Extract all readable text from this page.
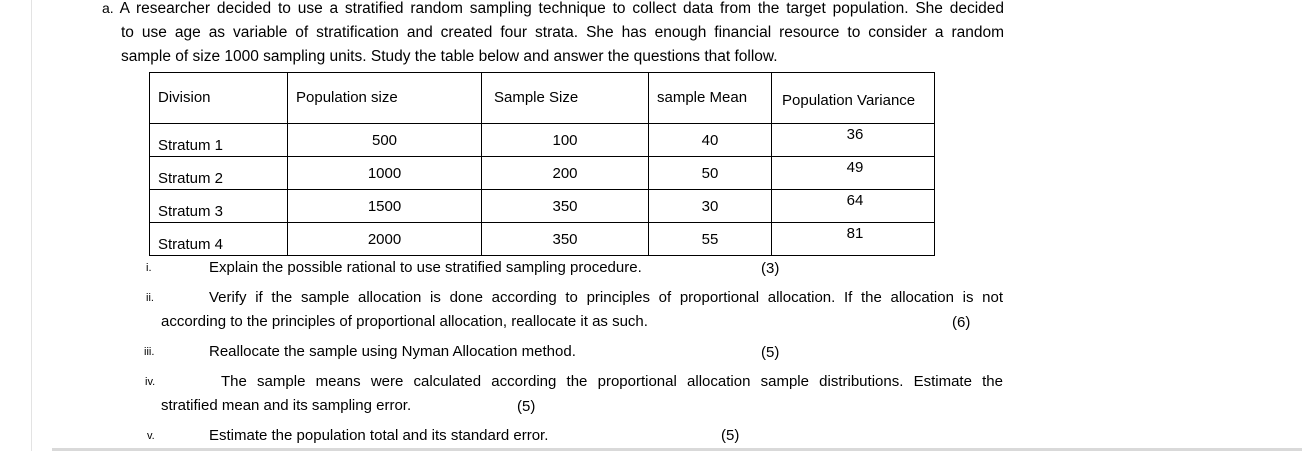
a. A researcher decided to use a stratified random sampling technique to collect data from the target population. She decided
to use age as variable of stratification and created four strata. She has enough financial resource to consider a random
sample of size 1000 sampling units. Study the table below and answer the questions that follow.
Division	Population size	Sample Size	sample Mean	Population Variance

Stratum 1	500	100	40	36

Stratum 2	1000	200	50	49

Stratum 3	1500	350	30	64

Stratum 4	2000	350	55	81
i.	Explain the possible rational to use stratified sampling procedure.	(3)
ii.	Verify if the sample allocation is done according to principles of proportional allocation. If the allocation is not
according to the principles of proportional allocation, reallocate it as such.	(6)
iii.	Reallocate the sample using Nyman Allocation method.	(5)
iv.	The sample means were calculated according the proportional allocation sample distributions. Estimate the
stratified mean and its sampling error.	(5)
v.	Estimate the population total and its standard error.	(5)
